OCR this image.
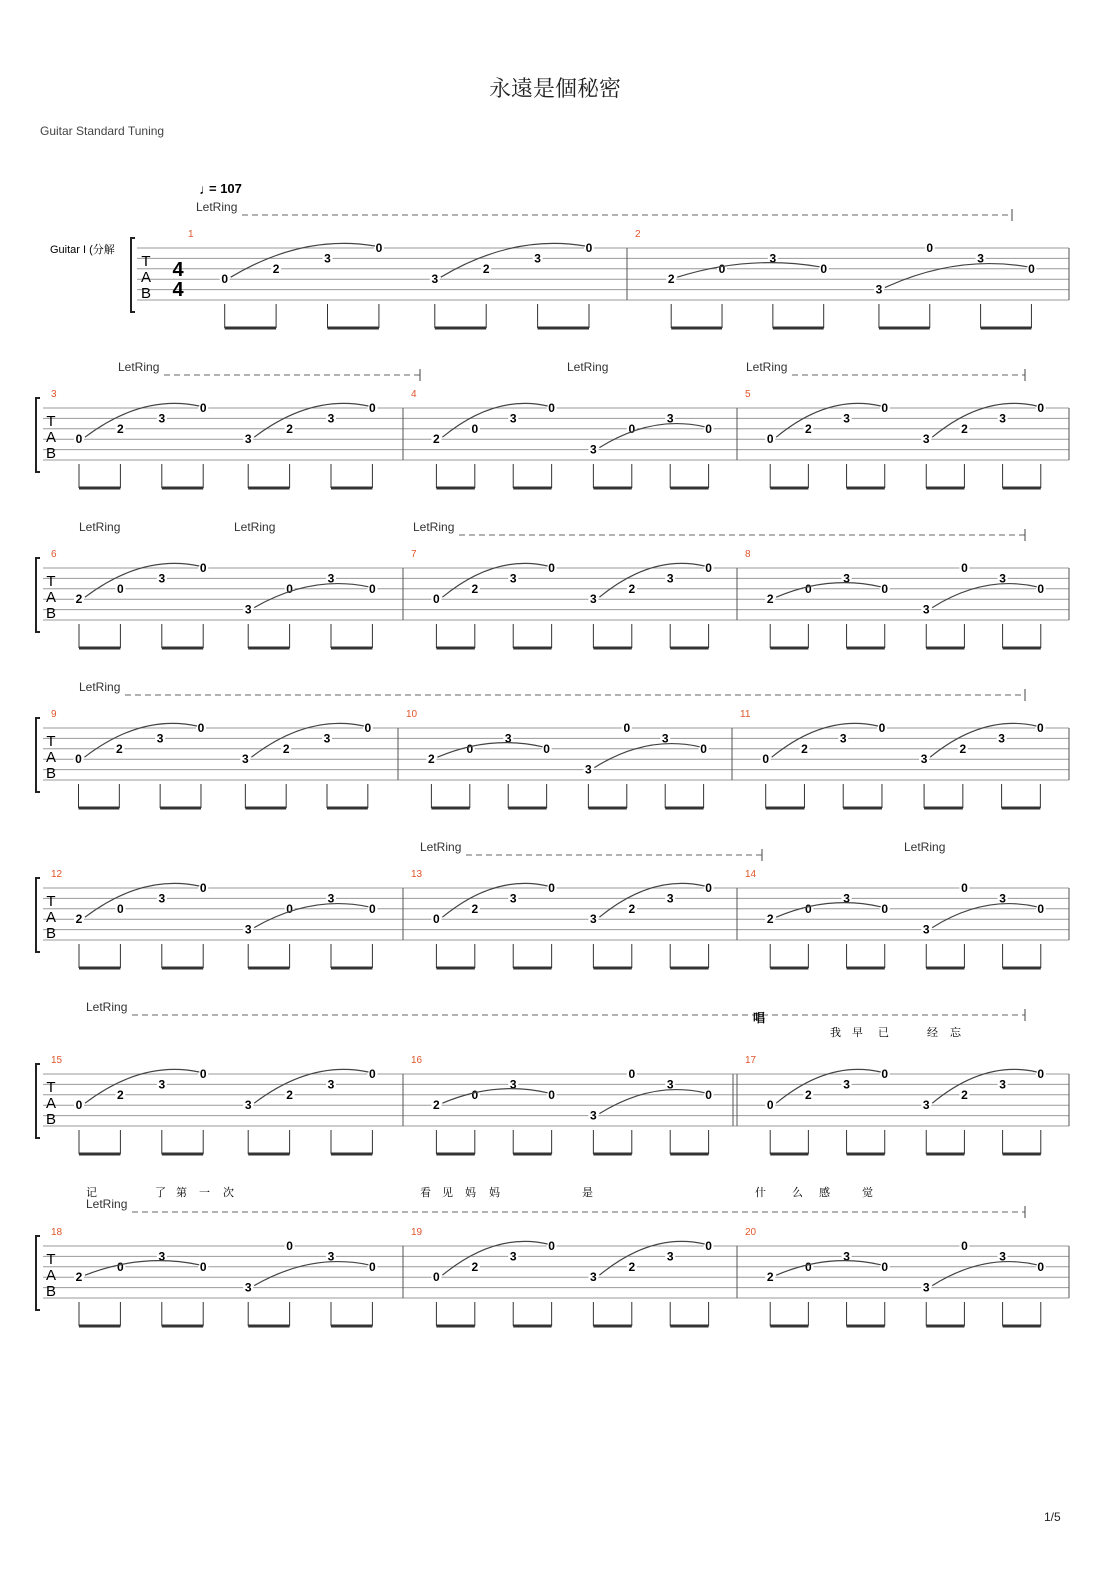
永遠是個秘密
Guitar Standard Tuning
1/5
♩
= 107
Guitar I (分解
T
A
B
4
4
1
0
2
3
0
3
2
3
0
2
2
0
3
0
3
0
3
0
LetRing
T
A
B
3
0
2
3
0
3
2
3
0
4
2
0
3
0
3
0
3
0
5
0
2
3
0
3
2
3
0
LetRing	LetRing	LetRing
T
A
B
6
2
0
3
0
3
0
3
0
7
0
2
3
0
3
2
3
0
8
2
0
3
0
3
0
3
0
LetRing	LetRing	LetRing
T
A
B
9
0
2
3
0
3
2
3
0
10
2
0
3
0
3
0
3
0
11
0
2
3
0
3
2
3
0
LetRing
T
A
B
12
2
0
3
0
3
0
3
0
13
0
2
3
0
3
2
3
0
14
2
0
3
0
3
0
3
0
LetRing	LetRing
T
A
B
15
0
2
3
0
3
2
3
0
16
2
0
3
0
3
0
3
0
17
0
2
3
0
3
2
3
0
LetRing
T
A
B
18
2
0
3
0
3
0
3
0
19
0
2
3
0
3
2
3
0
20
2
0
3
0
3
0
3
0
LetRing
唱
我 早 已	经 忘
记	了 第 一 次	看 见 妈 妈	是	什 么 感	觉
